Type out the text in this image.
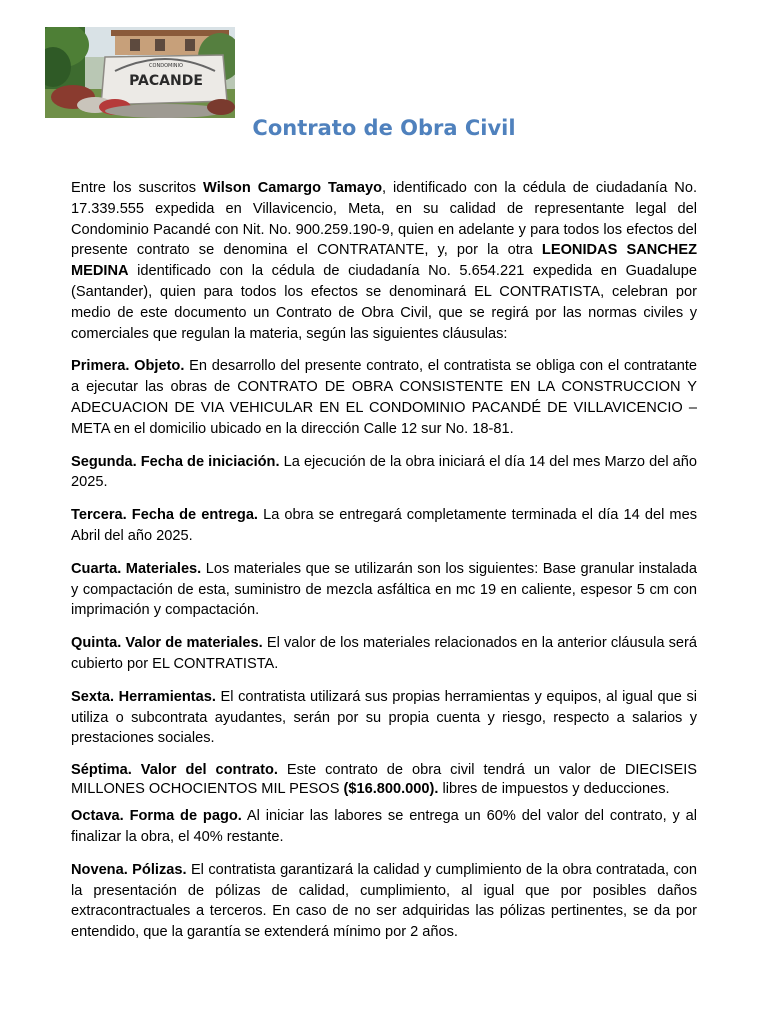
CONDOMINIO
PACANDE
Contrato de Obra Civil

Entre los suscritos Wilson Camargo Tamayo, identificado con la cédula de ciudadanía No. 17.339.555 expedida en Villavicencio, Meta, en su calidad de representante legal del Condominio Pacandé con Nit. No. 900.259.190-9, quien en adelante y para todos los efectos del presente contrato se denomina el CONTRATANTE, y, por la otra LEONIDAS SANCHEZ MEDINA identificado con la cédula de ciudadanía No. 5.654.221 expedida en Guadalupe (Santander), quien para todos los efectos se denominará EL CONTRATISTA, celebran por medio de este documento un Contrato de Obra Civil, que se regirá por las normas civiles y comerciales que regulan la materia, según las siguientes cláusulas:

Primera. Objeto. En desarrollo del presente contrato, el contratista se obliga con el contratante a ejecutar las obras de CONTRATO DE OBRA CONSISTENTE EN LA CONSTRUCCION Y ADECUACION DE VIA VEHICULAR EN EL CONDOMINIO PACANDÉ DE VILLAVICENCIO – META en el domicilio ubicado en la dirección Calle 12 sur No. 18-81.

Segunda. Fecha de iniciación. La ejecución de la obra iniciará el día 14 del mes Marzo del año 2025.

Tercera. Fecha de entrega. La obra se entregará completamente terminada el día 14 del mes Abril del año 2025.

Cuarta. Materiales. Los materiales que se utilizarán son los siguientes: Base granular instalada y compactación de esta, suministro de mezcla asfáltica en mc 19 en caliente, espesor 5 cm con imprimación y compactación.

Quinta. Valor de materiales. El valor de los materiales relacionados en la anterior cláusula será cubierto por EL CONTRATISTA.

Sexta. Herramientas. El contratista utilizará sus propias herramientas y equipos, al igual que si utiliza o subcontrata ayudantes, serán por su propia cuenta y riesgo, respecto a salarios y prestaciones sociales.

Séptima. Valor del contrato. Este contrato de obra civil tendrá un valor de DIECISEIS MILLONES OCHOCIENTOS MIL PESOS ($16.800.000). libres de impuestos y deducciones.

Octava. Forma de pago. Al iniciar las labores se entrega un 60% del valor del contrato, y al finalizar la obra, el 40% restante.

Novena. Pólizas. El contratista garantizará la calidad y cumplimiento de la obra contratada, con la presentación de pólizas de calidad, cumplimiento, al igual que por posibles daños extracontractuales a terceros. En caso de no ser adquiridas las pólizas pertinentes, se da por entendido, que la garantía se extenderá mínimo por 2 años.
